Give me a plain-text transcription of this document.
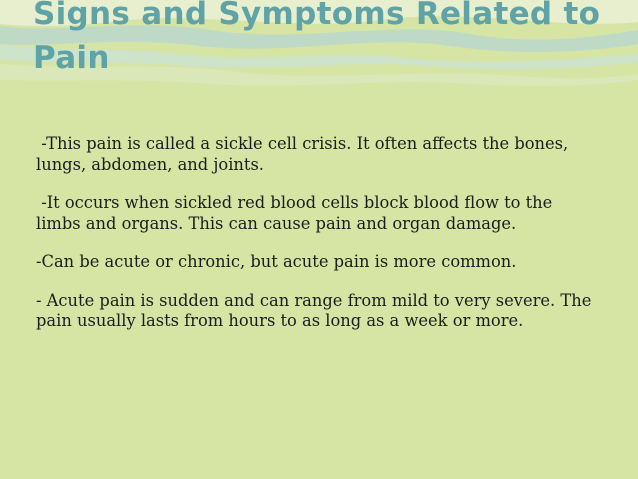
Signs and Symptoms Related to Pain

-This pain is called a sickle cell crisis. It often affects the bones, lungs, abdomen, and joints.

-It occurs when sickled red blood cells block blood flow to the limbs and organs. This can cause pain and organ damage.

-Can be acute or chronic, but acute pain is more common.

- Acute pain is sudden and can range from mild to very severe. The pain usually lasts from hours to as long as a week or more.
